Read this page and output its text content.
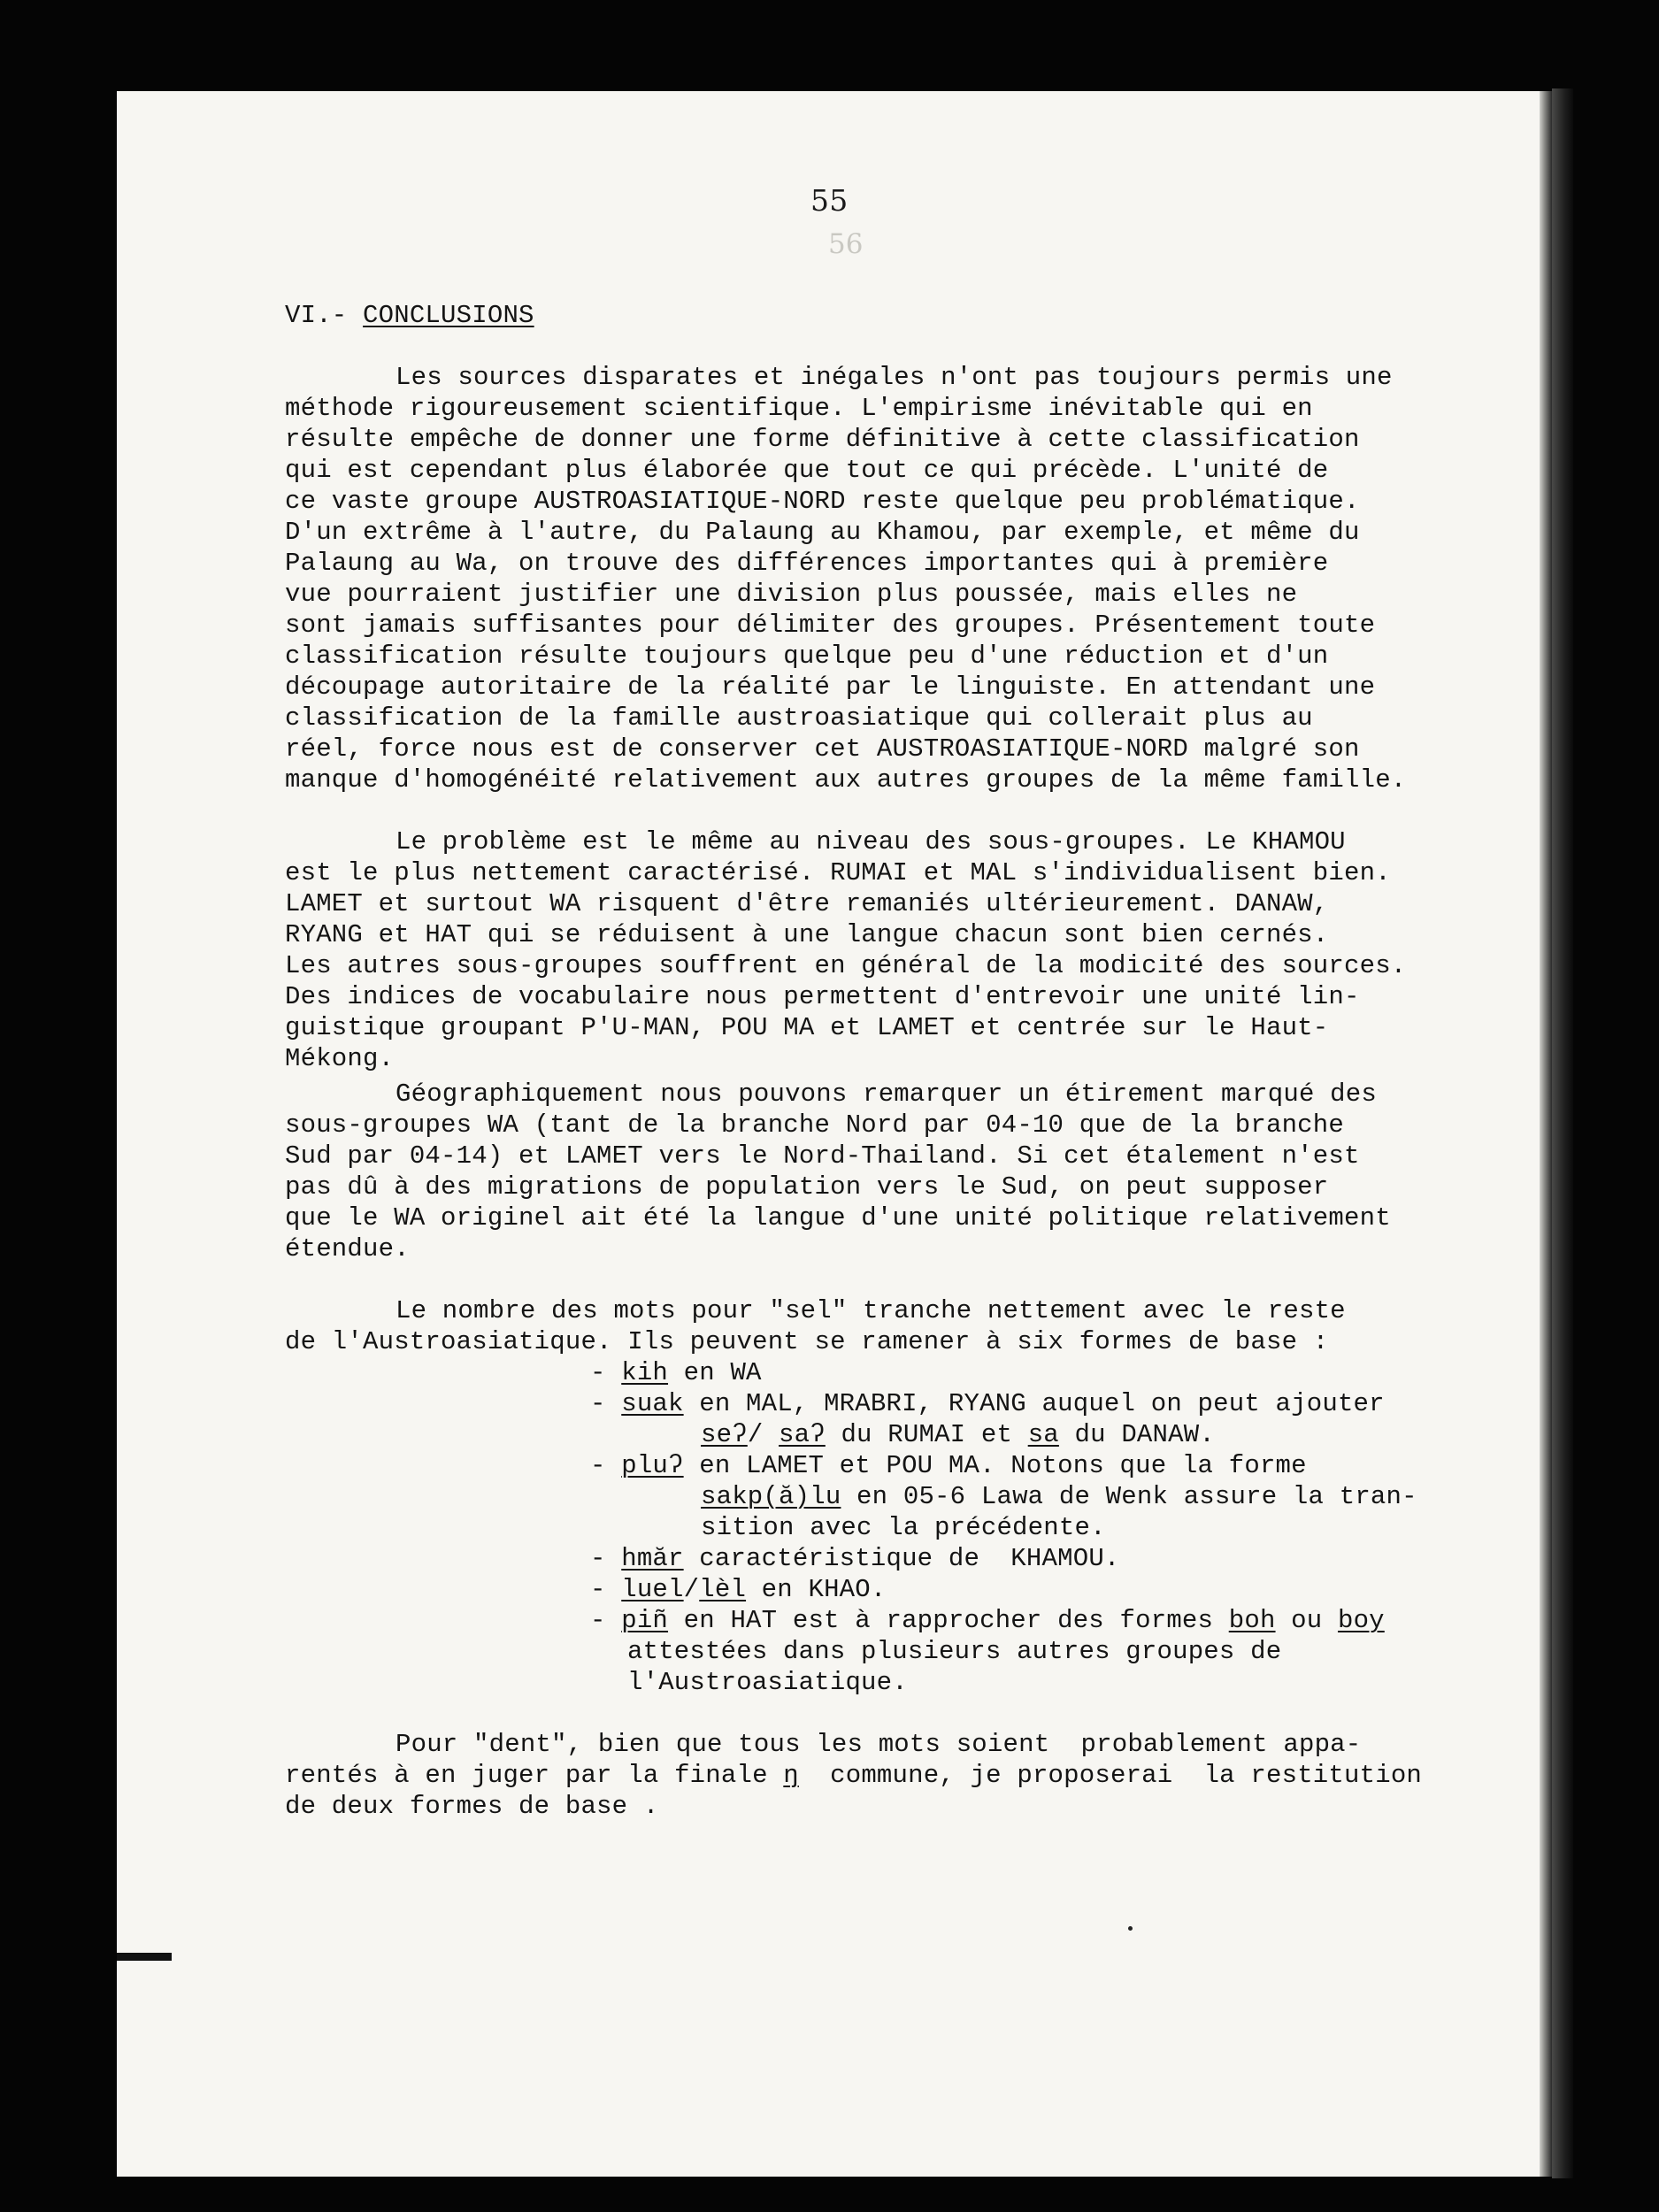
56
55
VI.- CONCLUSIONS
Les sources disparates et inégales n'ont pas toujours permis une
méthode rigoureusement scientifique. L'empirisme inévitable qui en
résulte empêche de donner une forme définitive à cette classification
qui est cependant plus élaborée que tout ce qui précède. L'unité de
ce vaste groupe AUSTROASIATIQUE-NORD reste quelque peu problématique.
D'un extrême à l'autre, du Palaung au Khamou, par exemple, et même du
Palaung au Wa, on trouve des différences importantes qui à première
vue pourraient justifier une division plus poussée, mais elles ne
sont jamais suffisantes pour délimiter des groupes. Présentement toute
classification résulte toujours quelque peu d'une réduction et d'un
découpage autoritaire de la réalité par le linguiste. En attendant une
classification de la famille austroasiatique qui collerait plus au
réel, force nous est de conserver cet AUSTROASIATIQUE-NORD malgré son
manque d'homogénéité relativement aux autres groupes de la même famille.
Le problème est le même au niveau des sous-groupes. Le KHAMOU
est le plus nettement caractérisé. RUMAI et MAL s'individualisent bien.
LAMET et surtout WA risquent d'être remaniés ultérieurement. DANAW,
RYANG et HAT qui se réduisent à une langue chacun sont bien cernés.
Les autres sous-groupes souffrent en général de la modicité des sources.
Des indices de vocabulaire nous permettent d'entrevoir une unité lin-
guistique groupant P'U-MAN, POU MA et LAMET et centrée sur le Haut-
Mékong.
Géographiquement nous pouvons remarquer un étirement marqué des
sous-groupes WA (tant de la branche Nord par 04-10 que de la branche
Sud par 04-14) et LAMET vers le Nord-Thailand. Si cet étalement n'est
pas dû à des migrations de population vers le Sud, on peut supposer
que le WA originel ait été la langue d'une unité politique relativement
étendue.
Le nombre des mots pour "sel" tranche nettement avec le reste
de l'Austroasiatique. Ils peuvent se ramener à six formes de base :
- kih en WA
- suak en MAL, MRABRI, RYANG auquel on peut ajouter
seʔ/ saʔ du RUMAI et sa du DANAW.
- pluʔ en LAMET et POU MA. Notons que la forme
sakp(ă)lu en 05-6 Lawa de Wenk assure la tran-
sition avec la précédente.
- hmăr caractéristique de  KHAMOU.
- luel/lèl en KHAO.
- piñ en HAT est à rapprocher des formes boh ou boy
attestées dans plusieurs autres groupes de
l'Austroasiatique.
Pour "dent", bien que tous les mots soient  probablement appa-
rentés à en juger par la finale ŋ  commune, je proposerai  la restitution
de deux formes de base .
